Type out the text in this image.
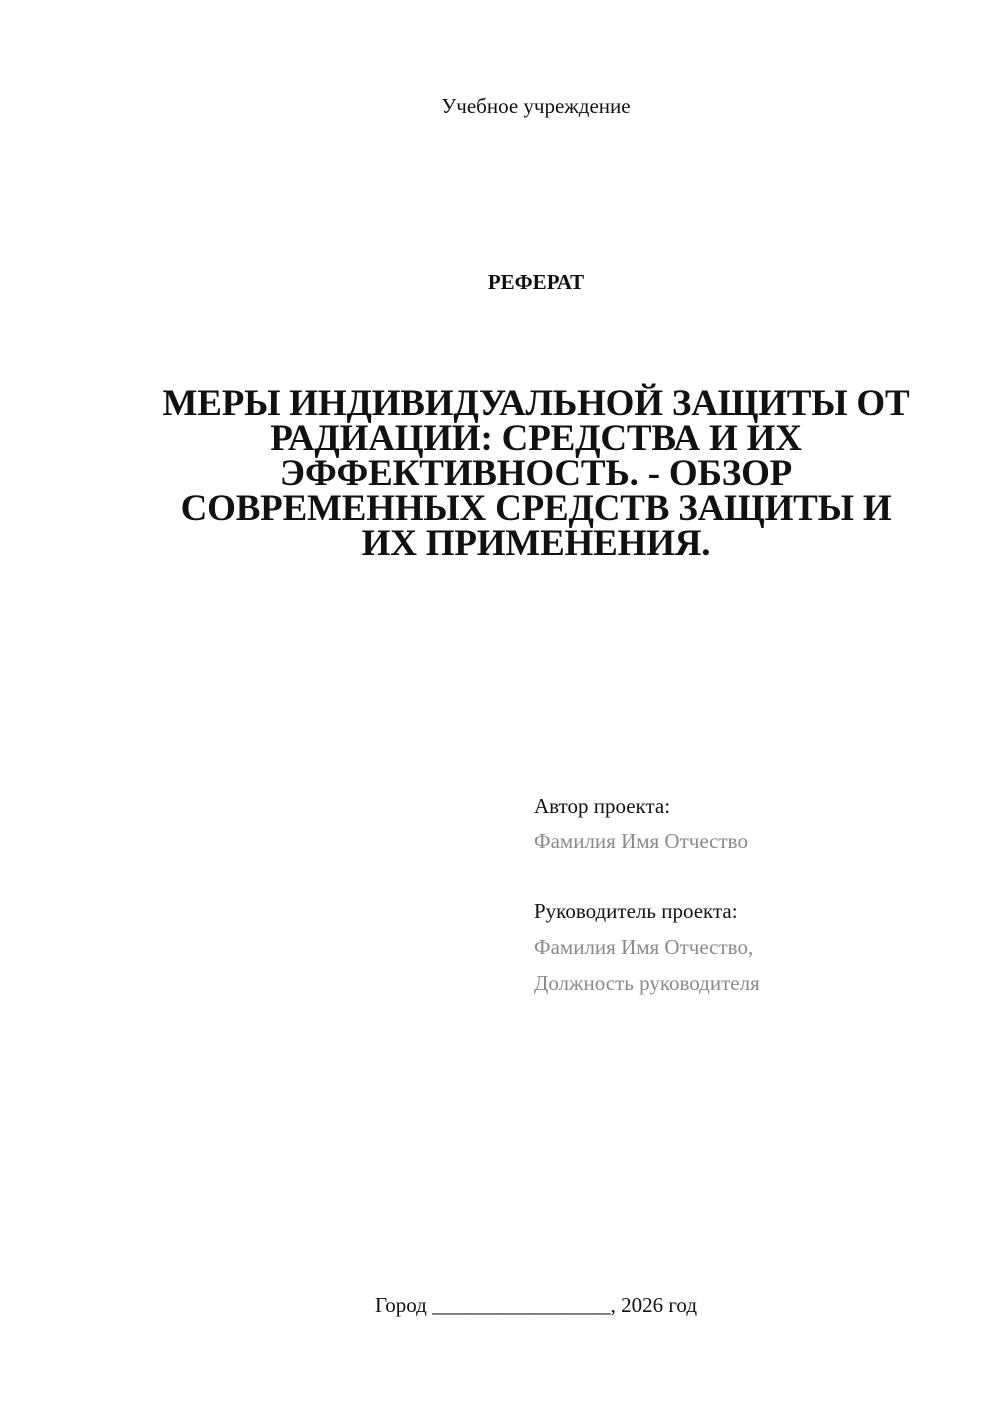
Учебное учреждение
РЕФЕРАТ
МЕРЫ ИНДИВИДУАЛЬНОЙ ЗАЩИТЫ ОТ РАДИАЦИИ: СРЕДСТВА И ИХ ЭФФЕКТИВНОСТЬ. - ОБЗОР СОВРЕМЕННЫХ СРЕДСТВ ЗАЩИТЫ И ИХ ПРИМЕНЕНИЯ.
Автор проекта:
Фамилия Имя Отчество
Руководитель проекта:
Фамилия Имя Отчество,
Должность руководителя
Город _________________, 2026 год
